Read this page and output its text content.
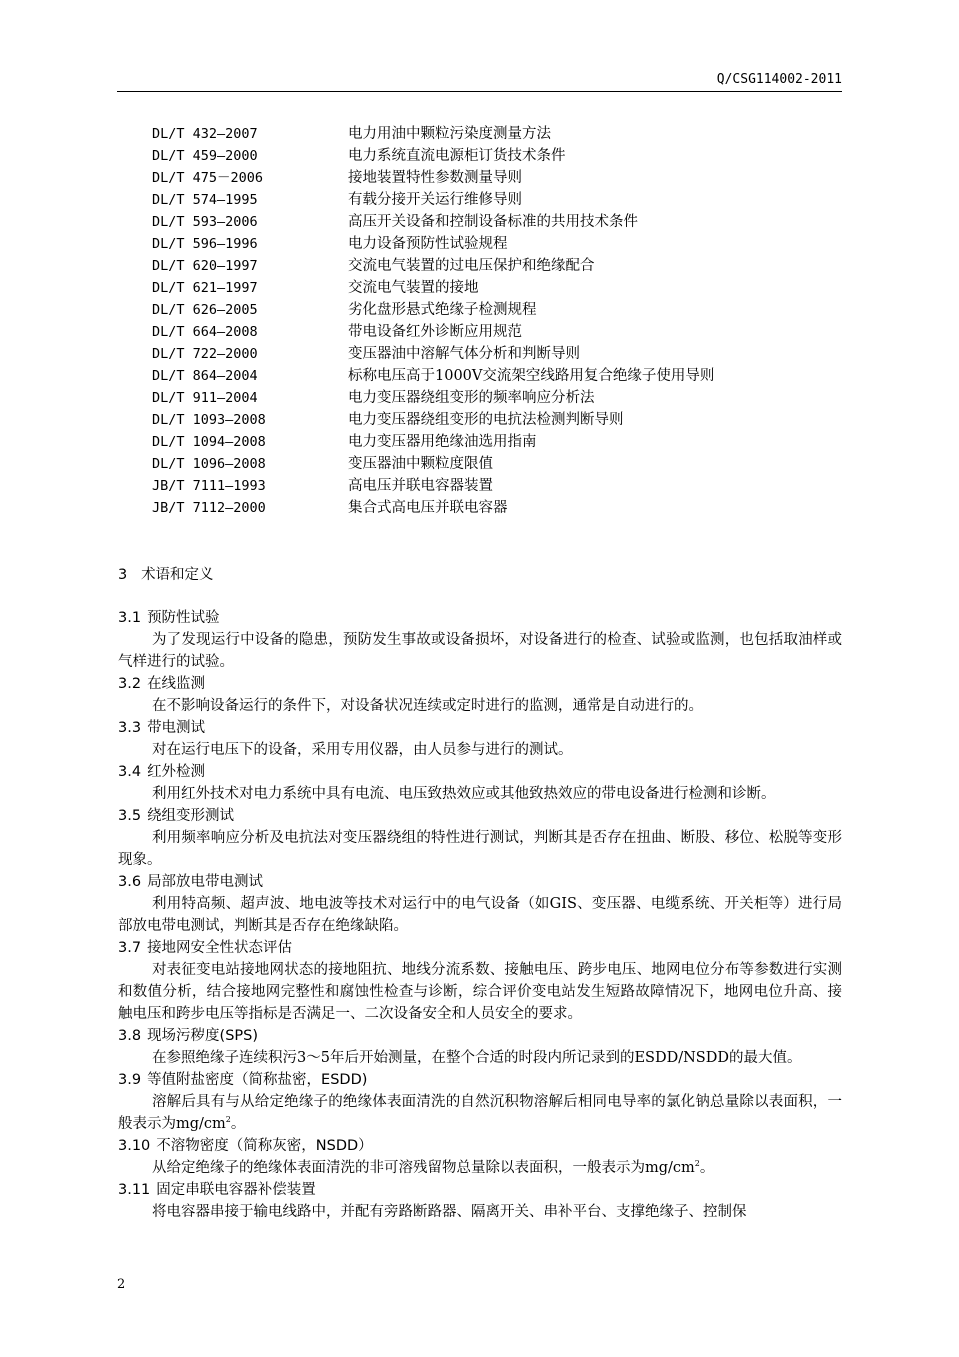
Q/CSG114002-2011
DL/T 432—2007	电力用油中颗粒污染度测量方法
DL/T 459—2000	电力系统直流电源柜订货技术条件
DL/T 475－2006	接地装置特性参数测量导则
DL/T 574—1995	有载分接开关运行维修导则
DL/T 593—2006	高压开关设备和控制设备标准的共用技术条件
DL/T 596—1996	电力设备预防性试验规程
DL/T 620—1997	交流电气装置的过电压保护和绝缘配合
DL/T 621—1997	交流电气装置的接地
DL/T 626—2005	劣化盘形悬式绝缘子检测规程
DL/T 664—2008	带电设备红外诊断应用规范
DL/T 722—2000	变压器油中溶解气体分析和判断导则
DL/T 864—2004	标称电压高于1000V交流架空线路用复合绝缘子使用导则
DL/T 911—2004	电力变压器绕组变形的频率响应分析法
DL/T 1093—2008	电力变压器绕组变形的电抗法检测判断导则
DL/T 1094—2008	电力变压器用绝缘油选用指南
DL/T 1096—2008	变压器油中颗粒度限值
JB/T 7111—1993	高电压并联电容器装置
JB/T 7112—2000	集合式高电压并联电容器
3 术语和定义
3.1 预防性试验

为了发现运行中设备的隐患，预防发生事故或设备损坏，对设备进行的检查、试验或监测，也包括取油样或气样进行的试验。

3.2 在线监测

在不影响设备运行的条件下，对设备状况连续或定时进行的监测，通常是自动进行的。

3.3 带电测试

对在运行电压下的设备，采用专用仪器，由人员参与进行的测试。

3.4 红外检测

利用红外技术对电力系统中具有电流、电压致热效应或其他致热效应的带电设备进行检测和诊断。

3.5 绕组变形测试

利用频率响应分析及电抗法对变压器绕组的特性进行测试，判断其是否存在扭曲、断股、移位、松脱等变形现象。

3.6 局部放电带电测试

利用特高频、超声波、地电波等技术对运行中的电气设备（如GIS、变压器、电缆系统、开关柜等）进行局部放电带电测试，判断其是否存在绝缘缺陷。

3.7 接地网安全性状态评估

对表征变电站接地网状态的接地阻抗、地线分流系数、接触电压、跨步电压、地网电位分布等参数进行实测和数值分析，结合接地网完整性和腐蚀性检查与诊断，综合评价变电站发生短路故障情况下，地网电位升高、接触电压和跨步电压等指标是否满足一、二次设备安全和人员安全的要求。

3.8 现场污秽度(SPS)

在参照绝缘子连续积污3～5年后开始测量，在整个合适的时段内所记录到的ESDD/NSDD的最大值。

3.9 等值附盐密度（简称盐密，ESDD)

溶解后具有与从给定绝缘子的绝缘体表面清洗的自然沉积物溶解后相同电导率的氯化钠总量除以表面积，一般表示为$mg/cm^2$。

3.10 不溶物密度（简称灰密，NSDD）

从给定绝缘子的绝缘体表面清洗的非可溶残留物总量除以表面积，一般表示为$mg/cm^2$。

3.11 固定串联电容器补偿装置

将电容器串接于输电线路中，并配有旁路断路器、隔离开关、串补平台、支撑绝缘子、控制保

2
